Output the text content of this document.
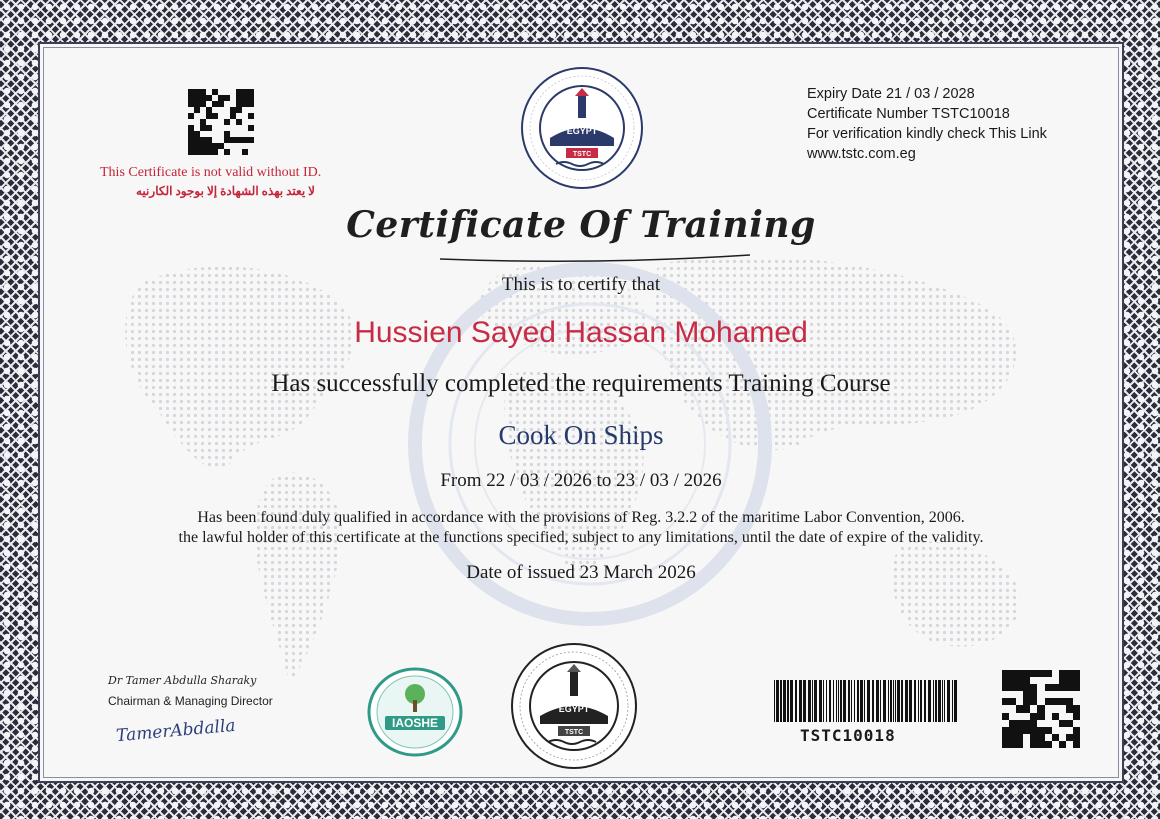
This Certificate is not valid without ID.
لا يعتد بهذه الشهادة إلا بوجود الكارنيه
EGYPT
TSTC
Expiry Date 21 / 03 / 2028
Certificate Number TSTC10018
For verification kindly check This Link
www.tstc.com.eg
Certificate Of Training
This is to certify that
Hussien Sayed Hassan Mohamed
Has successfully completed the requirements Training Course
Cook On Ships
From 22 / 03 / 2026 to 23 / 03 / 2026
Has been found duly qualified in accordance with the provisions of Reg. 3.2.2 of the maritime Labor Convention, 2006.
the lawful holder of this certificate at the functions specified, subject to any limitations, until the date of expire of the validity.
Date of issued 23 March 2026
Dr Tamer Abdulla Sharaky
Chairman & Managing Director
TamerAbdalla	IAOSHE
EGYPT
TSTC	TSTC10018
